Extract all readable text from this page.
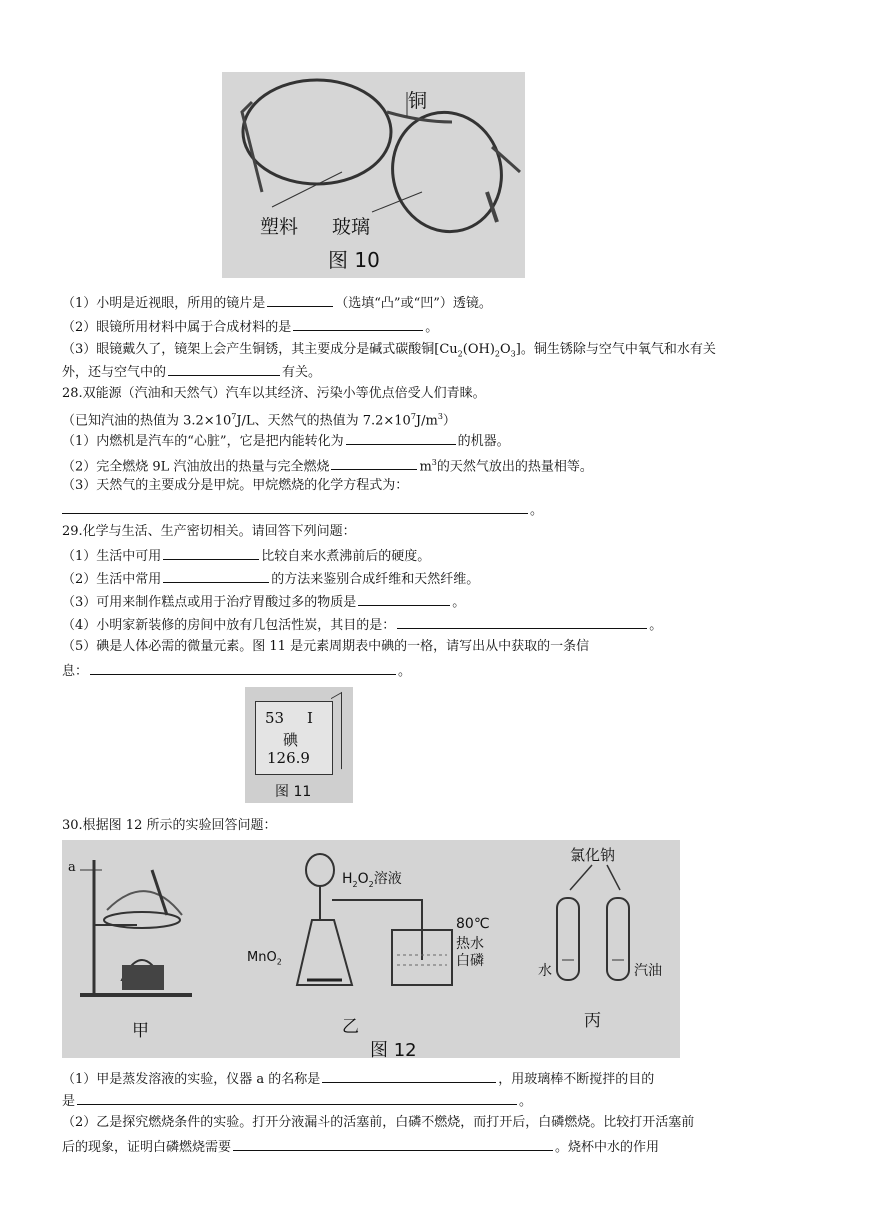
铜
塑料 玻璃
图 10
（1）小明是近视眼，所用的镜片是	（选填“凸”或“凹”）透镜。
（2）眼镜所用材料中属于合成材料的是	。
（3）眼镜戴久了，镜架上会产生铜锈，其主要成分是碱式碳酸铜$[Cu_2(OH)_2O_3]$。铜生锈除与空气中氧气和水有关
外，还与空气中的	有关。
28.双能源（汽油和天然气）汽车以其经济、污染小等优点倍受人们青睐。
（已知汽油的热值为 $3.2\times 10^7J/L$、天然气的热值为 $7.2\times 10^7J/m^3$）
（1）内燃机是汽车的“心脏”，它是把内能转化为	的机器。
（2）完全燃烧 9L 汽油放出的热量与完全燃烧	$m^3$的天然气放出的热量相等。
（3）天然气的主要成分是甲烷。甲烷燃烧的化学方程式为：
。
29.化学与生活、生产密切相关。请回答下列问题：
（1）生活中可用	比较自来水煮沸前后的硬度。
（2）生活中常用	的方法来鉴别合成纤维和天然纤维。
（3）可用来制作糕点或用于治疗胃酸过多的物质是	。
（4）小明家新装修的房间中放有几包活性炭，其目的是：	。
（5）碘是人体必需的微量元素。图 11 是元素周期表中碘的一格，请写出从中获取的一条信
息：	。
53 I
碘
126.9
图 11
30.根据图 12 所示的实验回答问题：
a
甲
$H_2O_2$溶液
MnO$_2$
80℃
热水
白磷
乙
氯化钠
水	汽油
丙
图 12
（1）甲是蒸发溶液的实验，仪器 a 的名称是	，用玻璃棒不断搅拌的目的
是	。
（2）乙是探究燃烧条件的实验。打开分液漏斗的活塞前，白磷不燃烧，而打开后，白磷燃烧。比较打开活塞前
后的现象，证明白磷燃烧需要	。烧杯中水的作用
